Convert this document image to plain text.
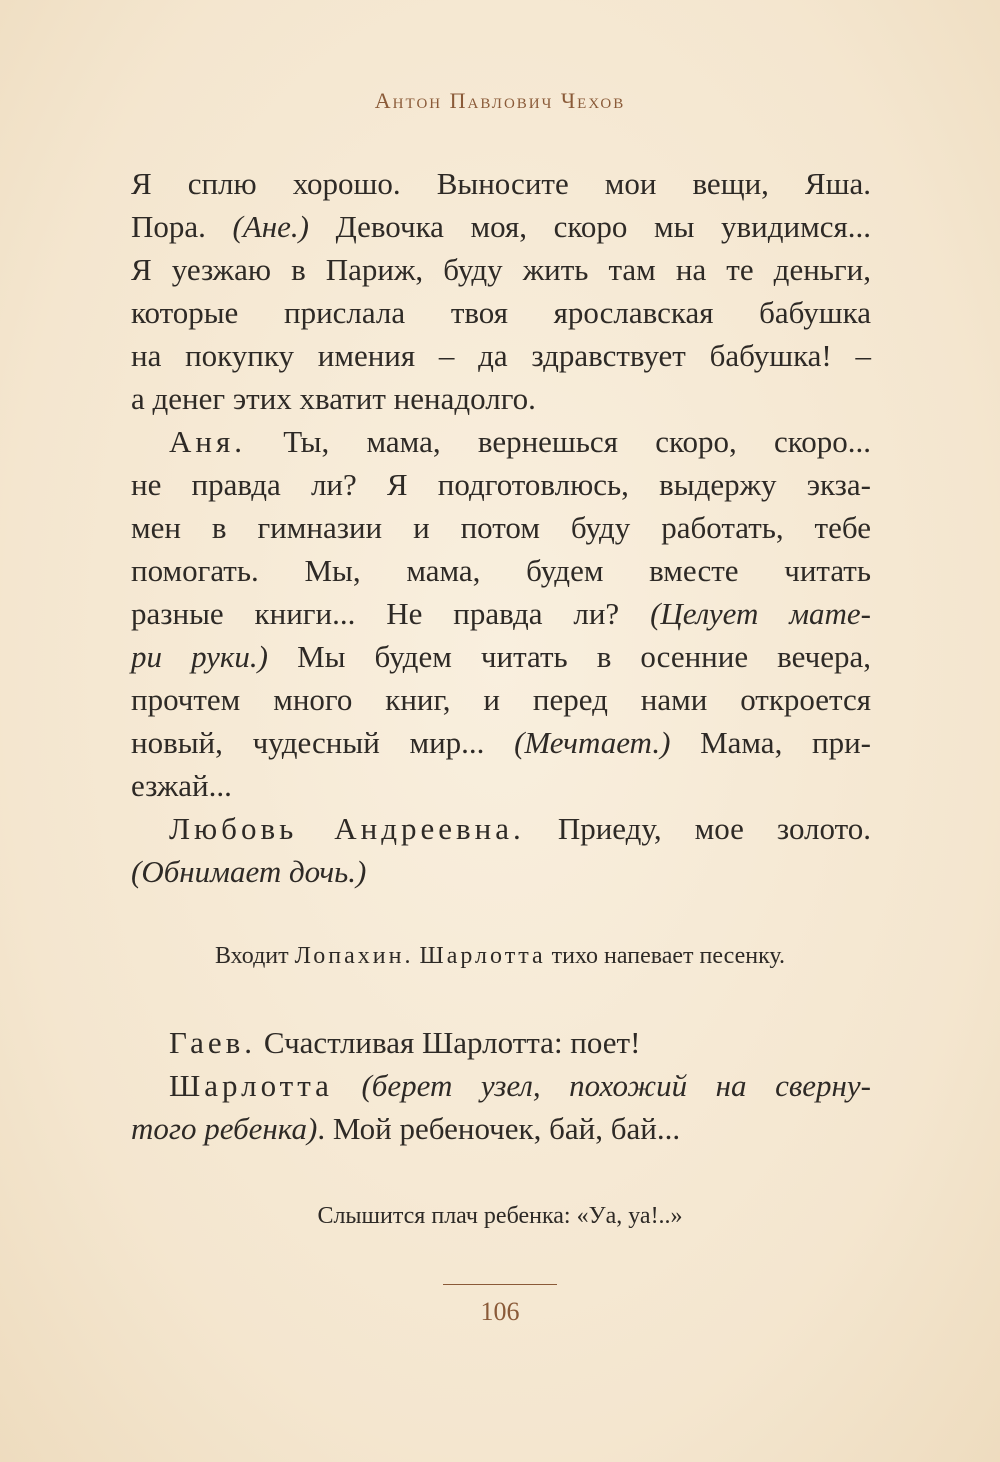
Антон Павлович Чехов

Я сплю хорошо. Выносите мои вещи, Яша.
Пора. (Ане.) Девочка моя, скоро мы увидимся...
Я уезжаю в Париж, буду жить там на те деньги,
которые прислала твоя ярославская бабушка
на покупку имения – да здравствует бабушка! –
а денег этих хватит ненадолго.

Аня. Ты, мама, вернешься скоро, скоро...
не правда ли? Я подготовлюсь, выдержу экза-
мен в гимназии и потом буду работать, тебе
помогать. Мы, мама, будем вместе читать
разные книги... Не правда ли? (Целует мате-
ри руки.) Мы будем читать в осенние вечера,
прочтем много книг, и перед нами откроется
новый, чудесный мир... (Мечтает.) Мама, при-
езжай...

Любовь Андреевна. Приеду, мое золото.
(Обнимает дочь.)

Входит Лопахин. Шарлотта тихо напевает песенку.

Гаев. Счастливая Шарлотта: поет!

Шарлотта (берет узел, похожий на сверну-
того ребенка). Мой ребеночек, бай, бай...

Слышится плач ребенка: «Уа, уа!..»
106
